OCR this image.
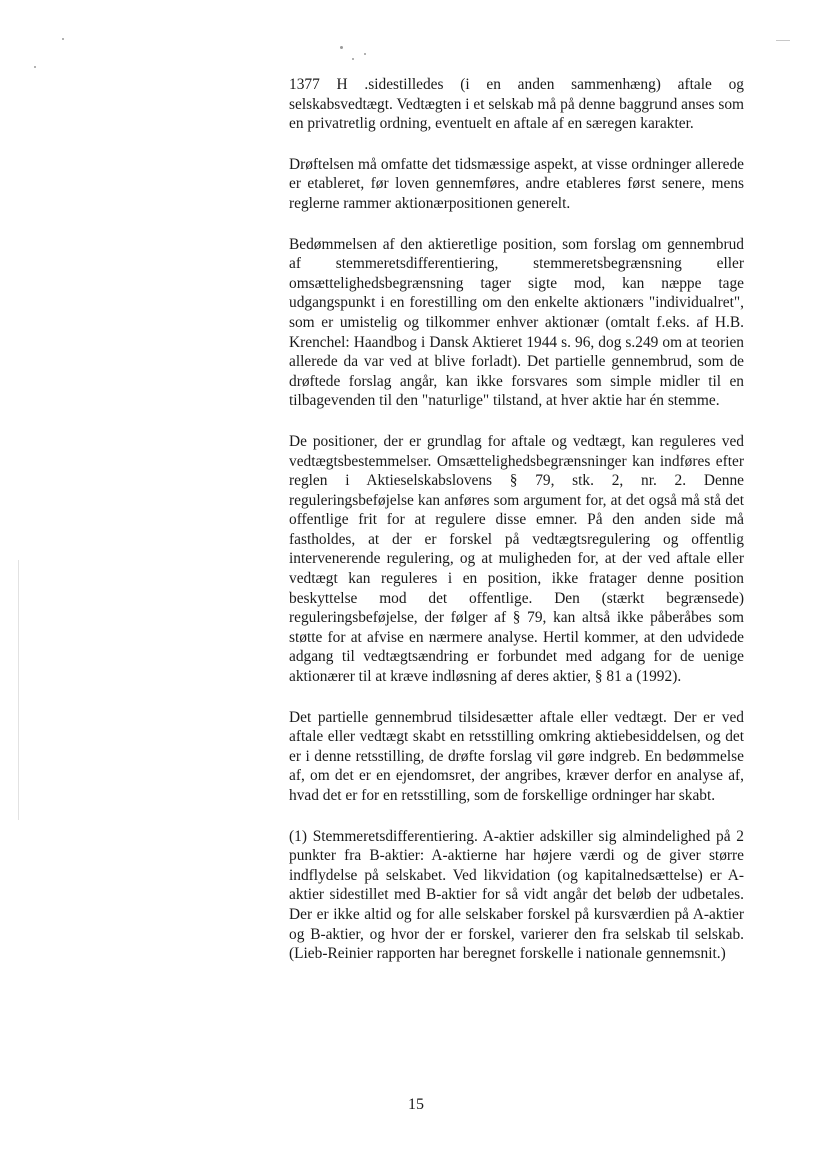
1377 H .sidestilledes (i en anden sammenhæng) aftale og selskabsvedtægt. Vedtægten i et selskab må på denne baggrund anses som en privatretlig ordning, eventuelt en aftale af en særegen karakter.

Drøftelsen må omfatte det tidsmæssige aspekt, at visse ordninger allerede er etableret, før loven gennemføres, andre etableres først senere, mens reglerne rammer aktionærpositionen generelt.

Bedømmelsen af den aktieretlige position, som forslag om gennembrud af stemmeretsdifferentiering, stemmeretsbegrænsning eller omsættelighedsbegrænsning tager sigte mod, kan næppe tage udgangspunkt i en forestilling om den enkelte aktionærs "individualret", som er umistelig og tilkommer enhver aktionær (omtalt f.eks. af H.B. Krenchel: Haandbog i Dansk Aktieret 1944 s. 96, dog s.249 om at teorien allerede da var ved at blive forladt). Det partielle gennembrud, som de drøftede forslag angår, kan ikke forsvares som simple midler til en tilbagevenden til den "naturlige" tilstand, at hver aktie har én stemme.

De positioner, der er grundlag for aftale og vedtægt, kan reguleres ved vedtægtsbestemmelser. Omsættelighedsbegrænsninger kan indføres efter reglen i Aktieselskabslovens § 79, stk. 2, nr. 2. Denne reguleringsbeføjelse kan anføres som argument for, at det også må stå det offentlige frit for at regulere disse emner. På den anden side må fastholdes, at der er forskel på vedtægtsregulering og offentlig intervenerende regulering, og at muligheden for, at der ved aftale eller vedtægt kan reguleres i en position, ikke fratager denne position beskyttelse mod det offentlige. Den (stærkt begrænsede) reguleringsbeføjelse, der følger af § 79, kan altså ikke påberåbes som støtte for at afvise en nærmere analyse. Hertil kommer, at den udvidede adgang til vedtægtsændring er forbundet med adgang for de uenige aktionærer til at kræve indløsning af deres aktier, § 81 a (1992).

Det partielle gennembrud tilsidesætter aftale eller vedtægt. Der er ved aftale eller vedtægt skabt en retsstilling omkring aktiebesiddelsen, og det er i denne retsstilling, de drøfte forslag vil gøre indgreb. En bedømmelse af, om det er en ejendomsret, der angribes, kræver derfor en analyse af, hvad det er for en retsstilling, som de forskellige ordninger har skabt.

(1) Stemmeretsdifferentiering. A-aktier adskiller sig almindelighed på 2 punkter fra B-aktier: A-aktierne har højere værdi og de giver større indflydelse på selskabet. Ved likvidation (og kapitalnedsættelse) er A-aktier sidestillet med B-aktier for så vidt angår det beløb der udbetales. Der er ikke altid og for alle selskaber forskel på kursværdien på A-aktier og B-aktier, og hvor der er forskel, varierer den fra selskab til selskab. (Lieb-Reinier rapporten har beregnet forskelle i nationale gennemsnit.)

15
